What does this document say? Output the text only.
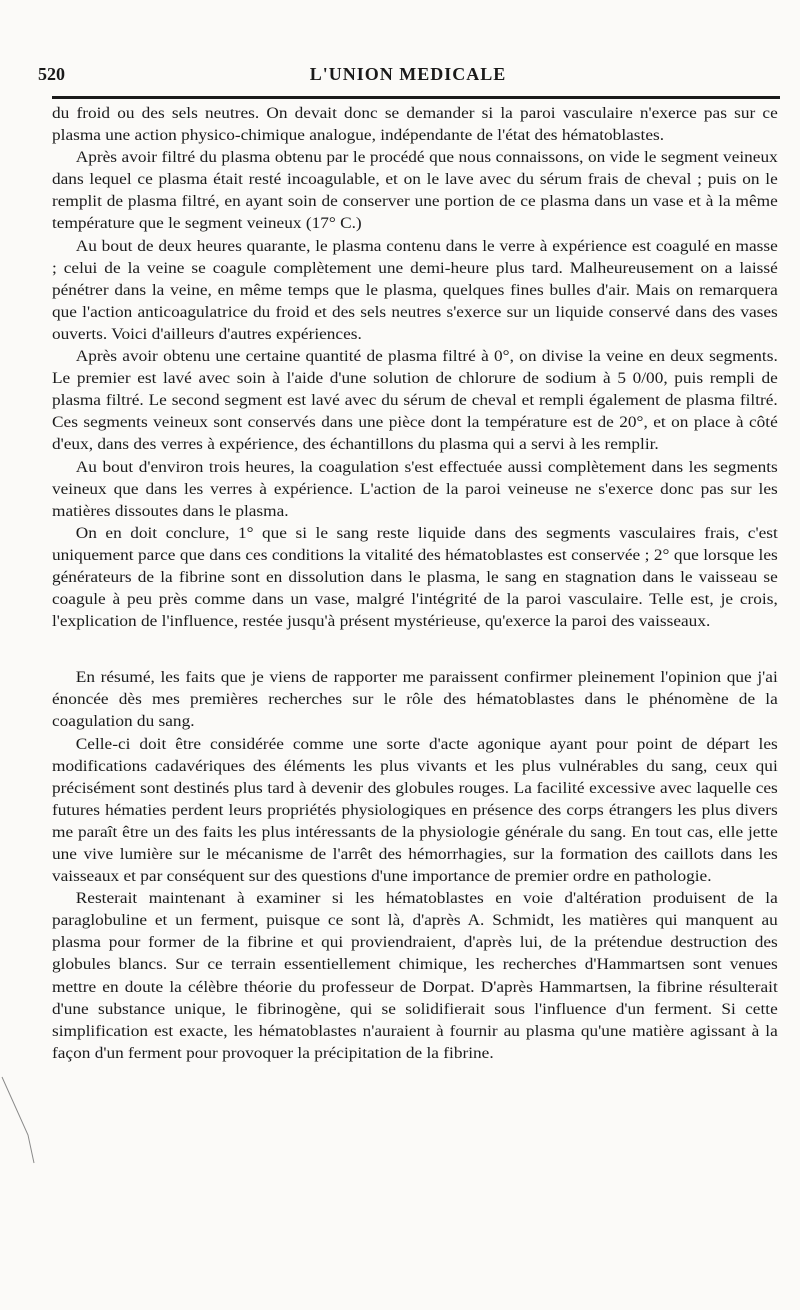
520	L'UNION MEDICALE

du froid ou des sels neutres. On devait donc se demander si la paroi vasculaire n'exerce pas sur ce plasma une action physico-chimique analogue, indépendante de l'état des hématoblastes.

Après avoir filtré du plasma obtenu par le procédé que nous connaissons, on vide le segment veineux dans lequel ce plasma était resté incoagulable, et on le lave avec du sérum frais de cheval ; puis on le remplit de plasma filtré, en ayant soin de conserver une portion de ce plasma dans un vase et à la même température que le segment veineux (17° C.)

Au bout de deux heures quarante, le plasma contenu dans le verre à expérience est coagulé en masse ; celui de la veine se coagule complètement une demi-heure plus tard. Malheureusement on a laissé pénétrer dans la veine, en même temps que le plasma, quelques fines bulles d'air. Mais on remarquera que l'action anticoagulatrice du froid et des sels neutres s'exerce sur un liquide conservé dans des vases ouverts. Voici d'ailleurs d'autres expériences.

Après avoir obtenu une certaine quantité de plasma filtré à 0°, on divise la veine en deux segments. Le premier est lavé avec soin à l'aide d'une solution de chlorure de sodium à 5 0/00, puis rempli de plasma filtré. Le second segment est lavé avec du sérum de cheval et rempli également de plasma filtré. Ces segments veineux sont conservés dans une pièce dont la température est de 20°, et on place à côté d'eux, dans des verres à expérience, des échantillons du plasma qui a servi à les remplir.

Au bout d'environ trois heures, la coagulation s'est effectuée aussi complètement dans les segments veineux que dans les verres à expérience. L'action de la paroi veineuse ne s'exerce donc pas sur les matières dissoutes dans le plasma.

On en doit conclure, 1° que si le sang reste liquide dans des segments vasculaires frais, c'est uniquement parce que dans ces conditions la vitalité des hématoblastes est conservée ; 2° que lorsque les générateurs de la fibrine sont en dissolution dans le plasma, le sang en stagnation dans le vaisseau se coagule à peu près comme dans un vase, malgré l'intégrité de la paroi vasculaire. Telle est, je crois, l'explication de l'influence, restée jusqu'à présent mystérieuse, qu'exerce la paroi des vaisseaux.

En résumé, les faits que je viens de rapporter me paraissent confirmer pleinement l'opinion que j'ai énoncée dès mes premières recherches sur le rôle des hématoblastes dans le phénomène de la coagulation du sang.

Celle-ci doit être considérée comme une sorte d'acte agonique ayant pour point de départ les modifications cadavériques des éléments les plus vivants et les plus vulnérables du sang, ceux qui précisément sont destinés plus tard à devenir des globules rouges. La facilité excessive avec laquelle ces futures hématies perdent leurs propriétés physiologiques en présence des corps étrangers les plus divers me paraît être un des faits les plus intéressants de la physiologie générale du sang. En tout cas, elle jette une vive lumière sur le mécanisme de l'arrêt des hémorrhagies, sur la formation des caillots dans les vaisseaux et par conséquent sur des questions d'une importance de premier ordre en pathologie.

Resterait maintenant à examiner si les hématoblastes en voie d'altération produisent de la paraglobuline et un ferment, puisque ce sont là, d'après A. Schmidt, les matières qui manquent au plasma pour former de la fibrine et qui proviendraient, d'après lui, de la prétendue destruction des globules blancs. Sur ce terrain essentiellement chimique, les recherches d'Hammartsen sont venues mettre en doute la célèbre théorie du professeur de Dorpat. D'après Hammartsen, la fibrine résulterait d'une substance unique, le fibrinogène, qui se solidifierait sous l'influence d'un ferment. Si cette simplification est exacte, les hématoblastes n'auraient à fournir au plasma qu'une matière agissant à la façon d'un ferment pour provoquer la précipitation de la fibrine.
